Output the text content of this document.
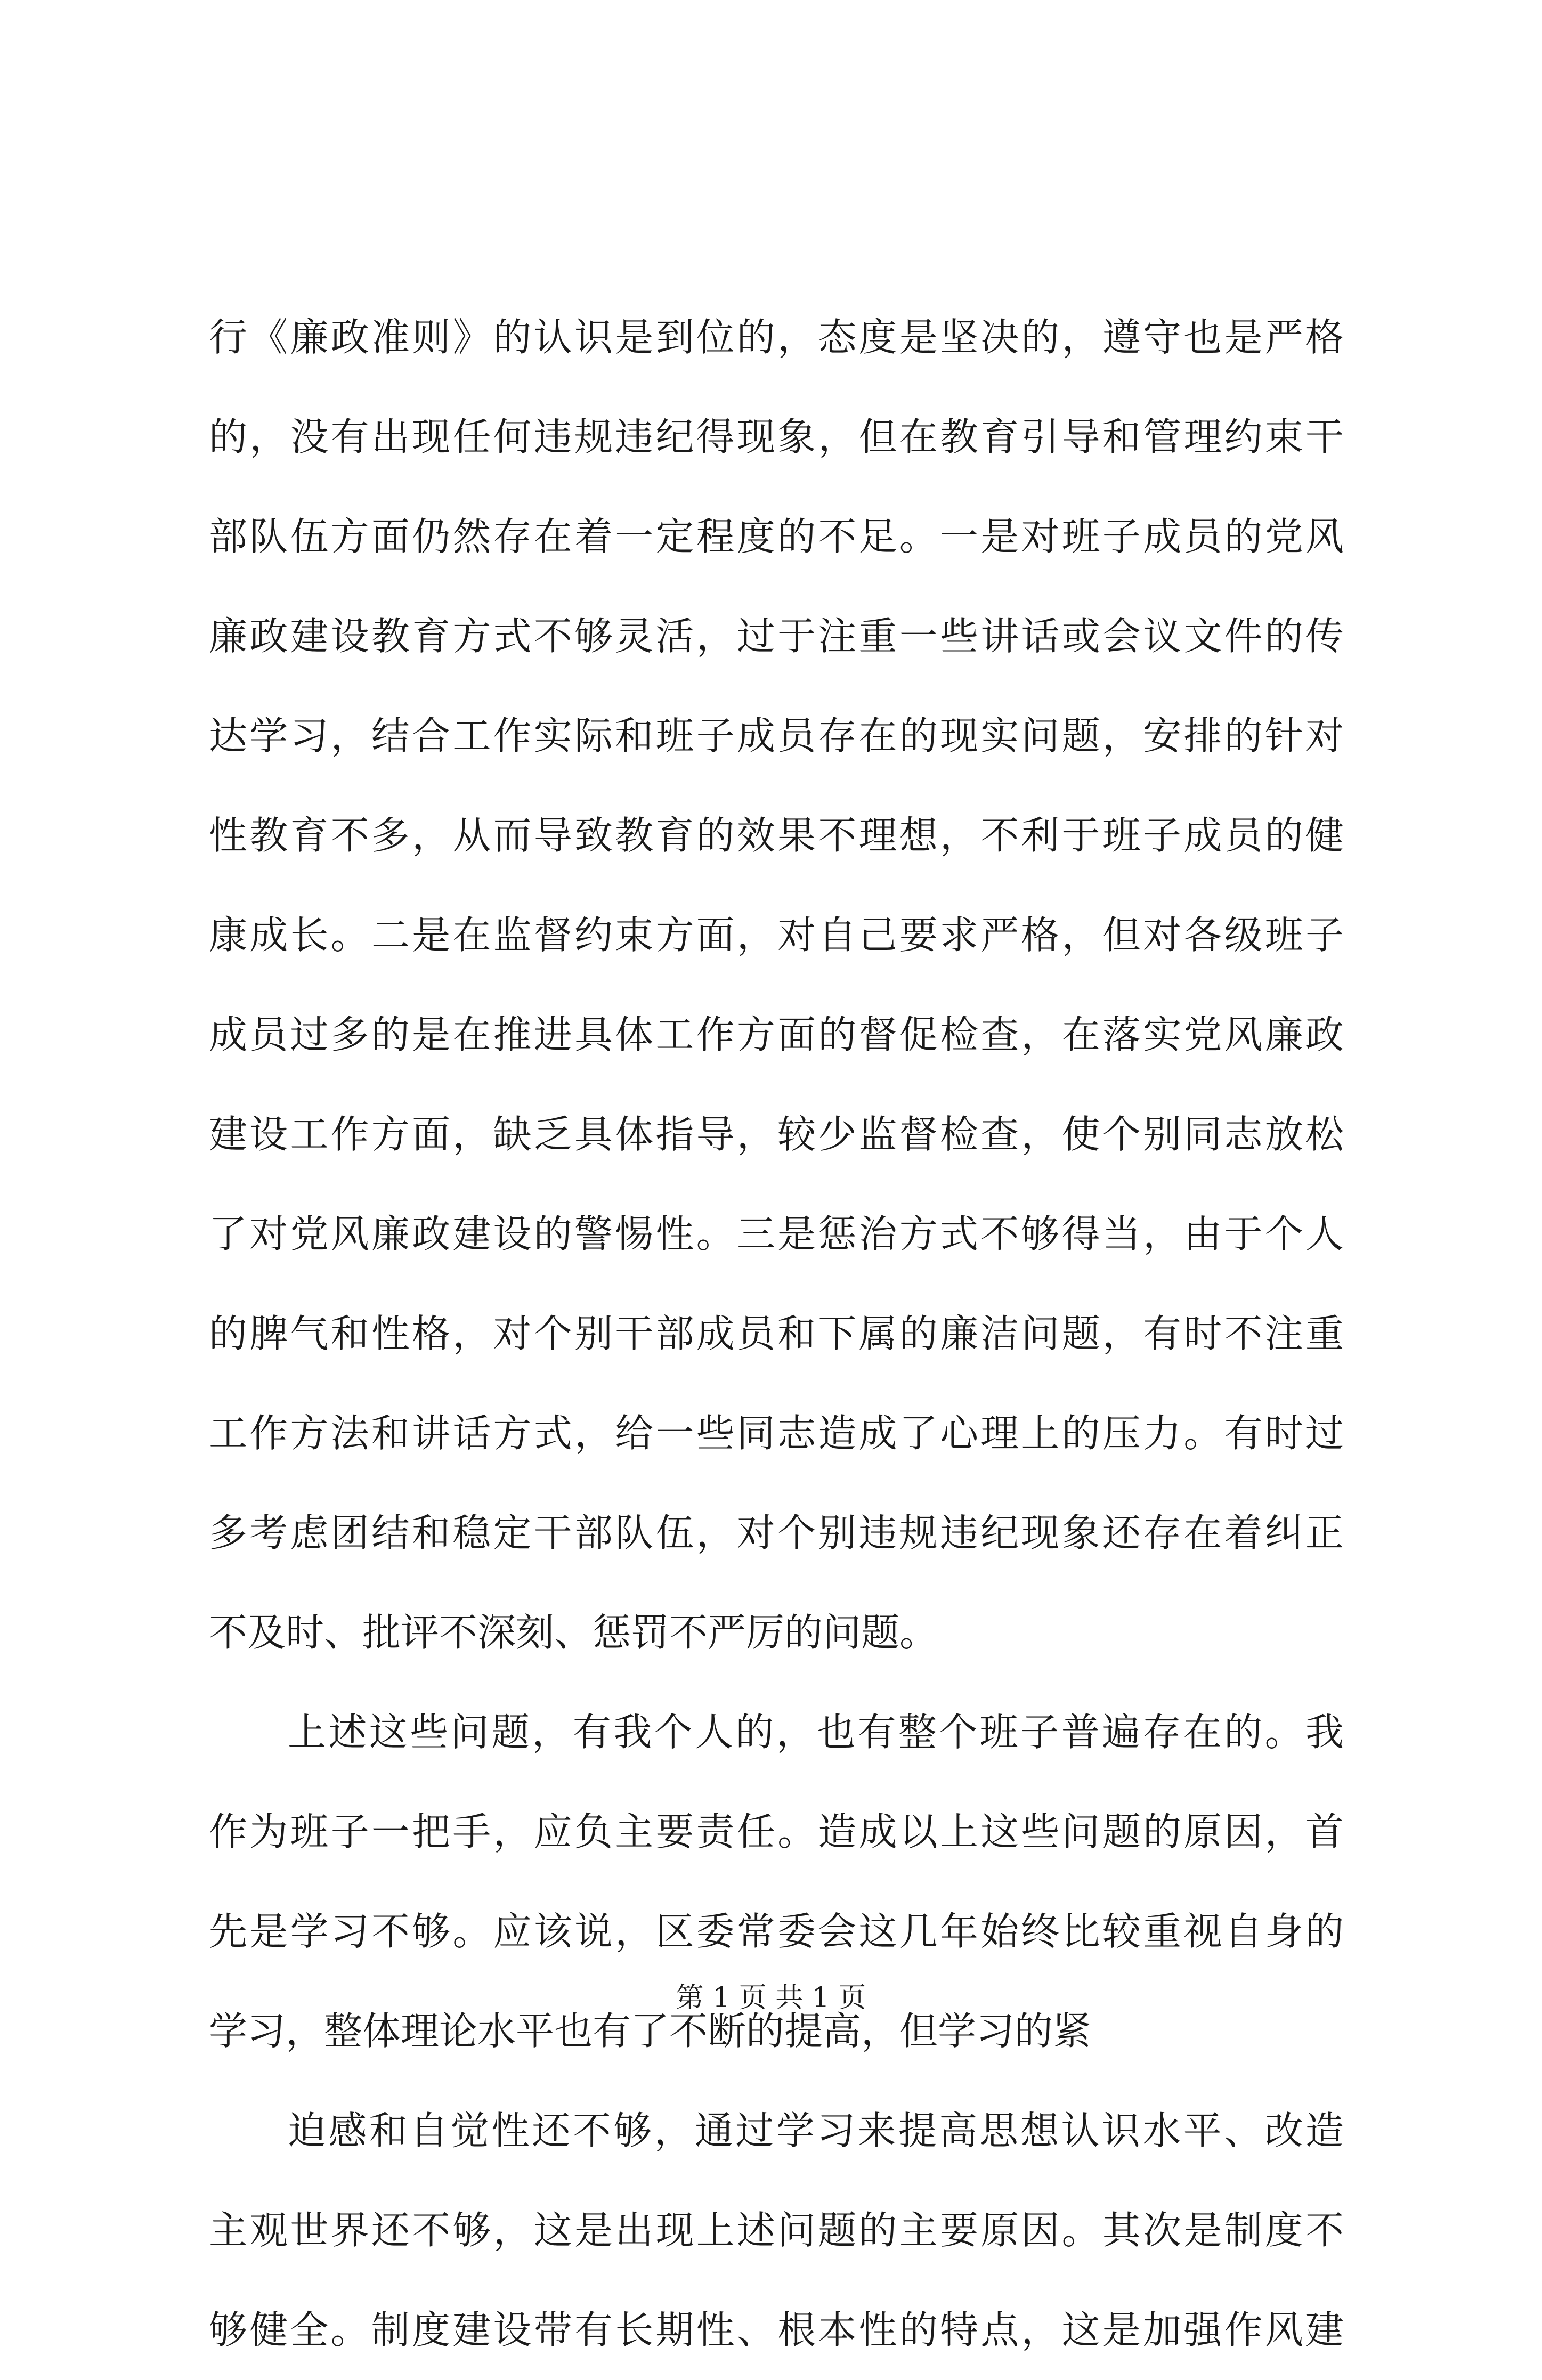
行《廉政准则》的认识是到位的，态度是坚决的，遵守也是严格
的，没有出现任何违规违纪得现象，但在教育引导和管理约束干
部队伍方面仍然存在着一定程度的不足。一是对班子成员的党风
廉政建设教育方式不够灵活，过于注重一些讲话或会议文件的传
达学习，结合工作实际和班子成员存在的现实问题，安排的针对
性教育不多，从而导致教育的效果不理想，不利于班子成员的健
康成长。二是在监督约束方面，对自己要求严格，但对各级班子
成员过多的是在推进具体工作方面的督促检查，在落实党风廉政
建设工作方面，缺乏具体指导，较少监督检查，使个别同志放松
了对党风廉政建设的警惕性。三是惩治方式不够得当，由于个人
的脾气和性格，对个别干部成员和下属的廉洁问题，有时不注重
工作方法和讲话方式，给一些同志造成了心理上的压力。有时过
多考虑团结和稳定干部队伍，对个别违规违纪现象还存在着纠正
不及时、批评不深刻、惩罚不严厉的问题。
上述这些问题，有我个人的，也有整个班子普遍存在的。我
作为班子一把手，应负主要责任。造成以上这些问题的原因，首
先是学习不够。应该说，区委常委会这几年始终比较重视自身的
学习，整体理论水平也有了不断的提高，但学习的紧
迫感和自觉性还不够，通过学习来提高思想认识水平、改造
主观世界还不够，这是出现上述问题的主要原因。其次是制度不
够健全。制度建设带有长期性、根本性的特点，这是加强作风建
第 1 页 共 1 页
